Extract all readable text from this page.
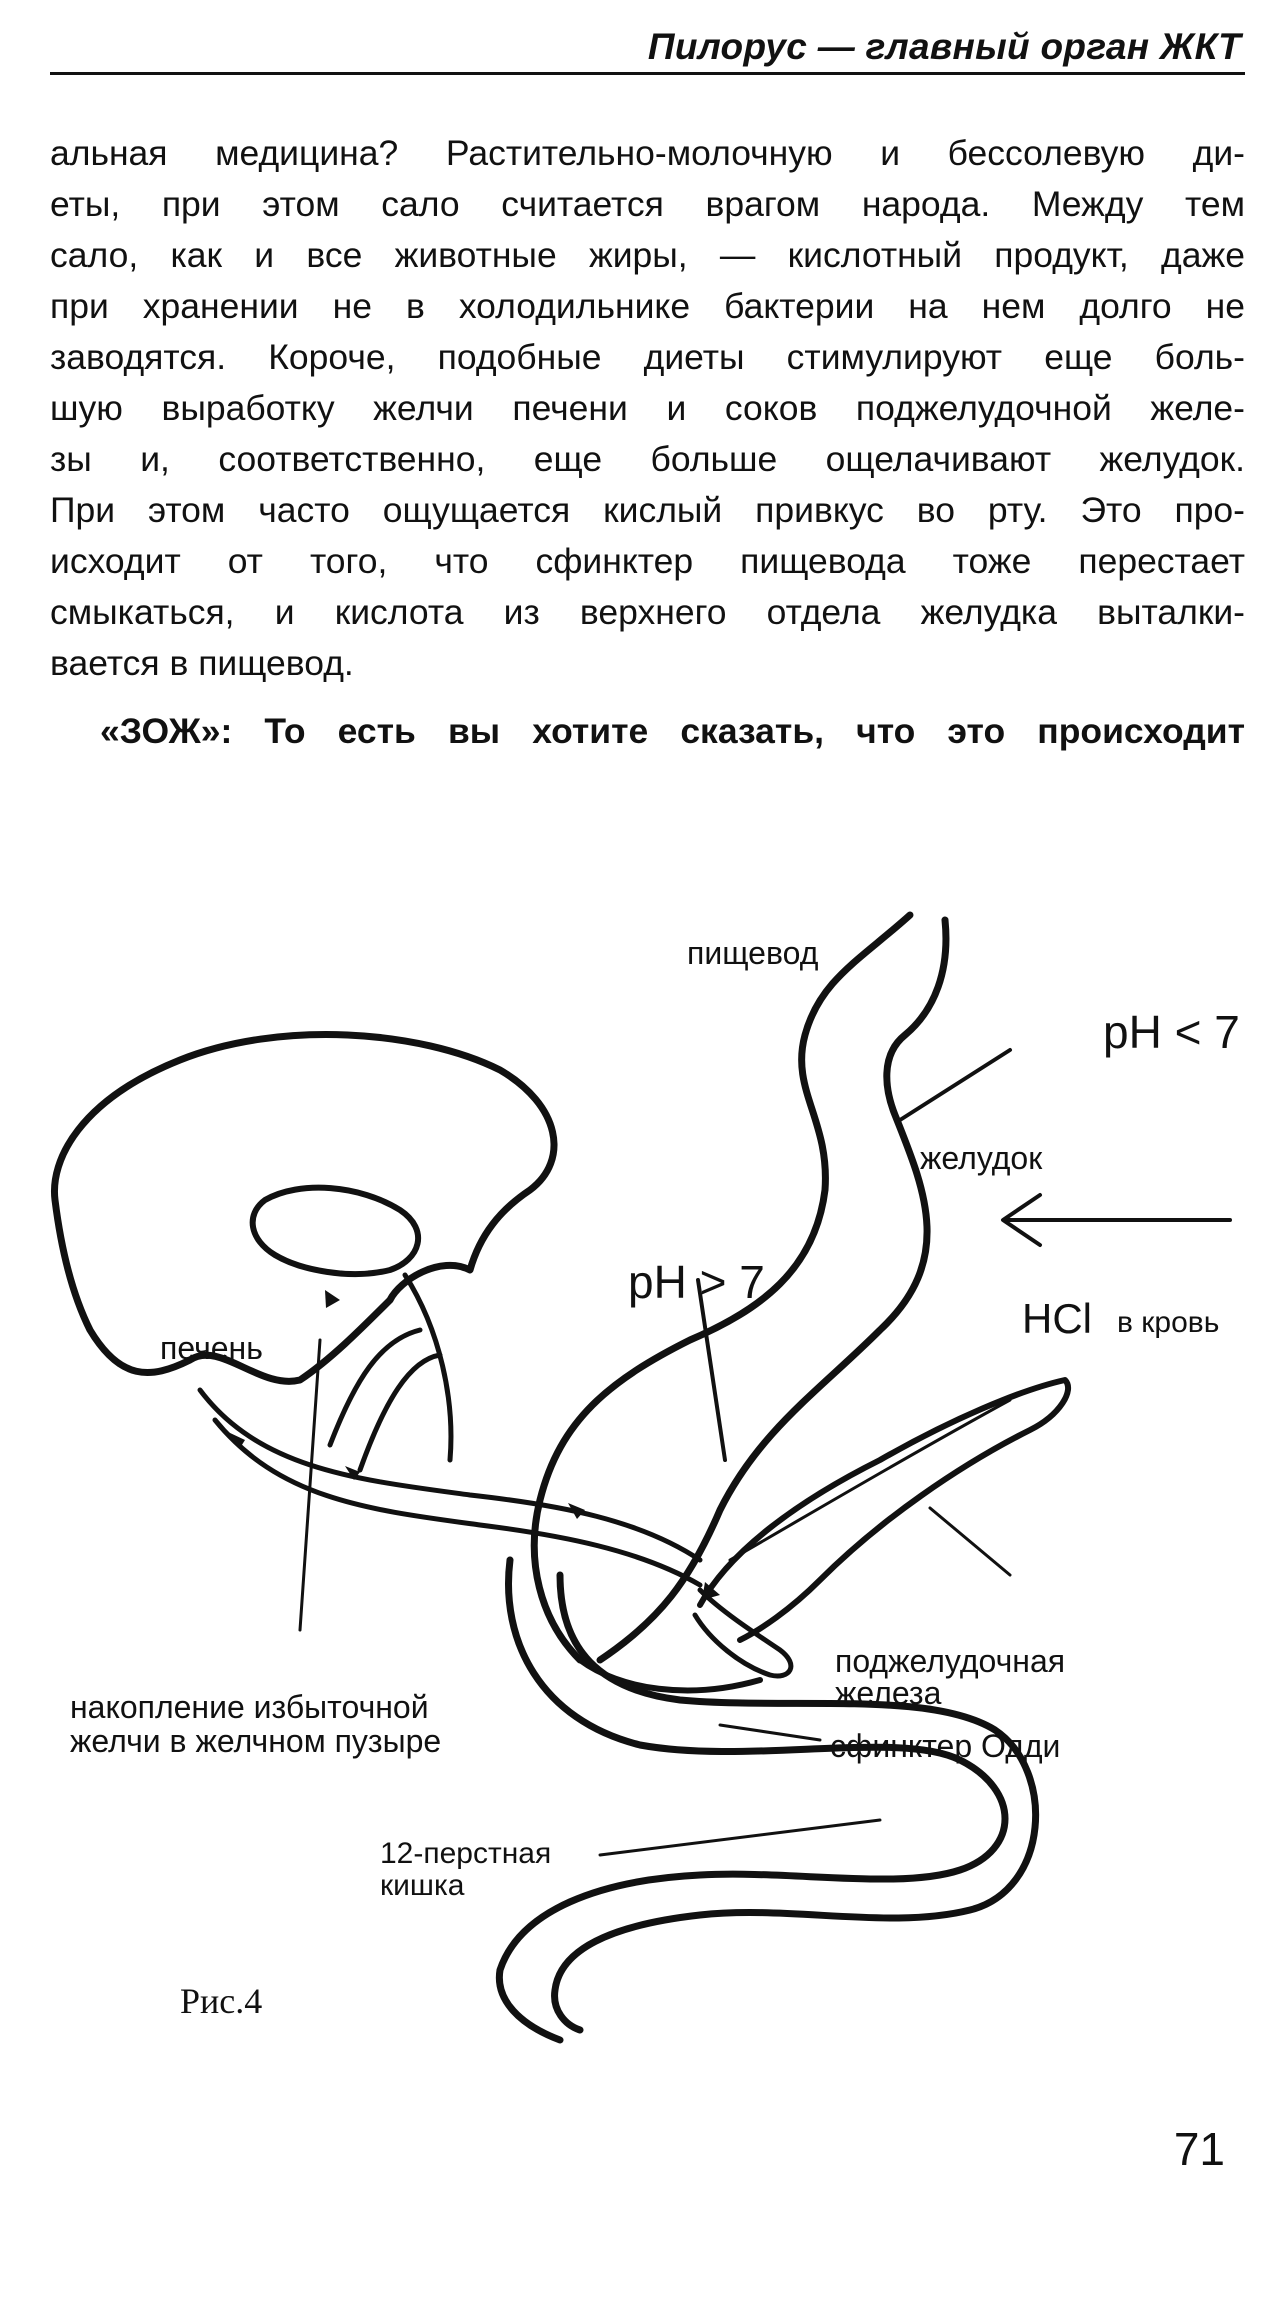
Пилорус — главный орган ЖКТ
альная медицина? Растительно-молочную и бессолевую ди-
еты, при этом сало считается врагом народа. Между тем
сало, как и все животные жиры, — кислотный продукт, даже
при хранении не в холодильнике бактерии на нем долго не
заводятся. Короче, подобные диеты стимулируют еще боль-
шую выработку желчи печени и соков поджелудочной желе-
зы и, соответственно, еще больше ощелачивают желудок.
При этом часто ощущается кислый привкус во рту. Это про-
исходит от того, что сфинктер пищевода тоже перестает
смыкаться, и кислота из верхнего отдела желудка выталки-
вается в пищевод.
«ЗОЖ»: То есть вы хотите сказать, что это происходит
пищевод
pH < 7
желудок
pH > 7
HCl в кровь
печень
поджелудочная
железа
накопление избыточной
желчи в желчном пузыре	сфинктер Одди
12-перстная
кишка
Рис.4
71
